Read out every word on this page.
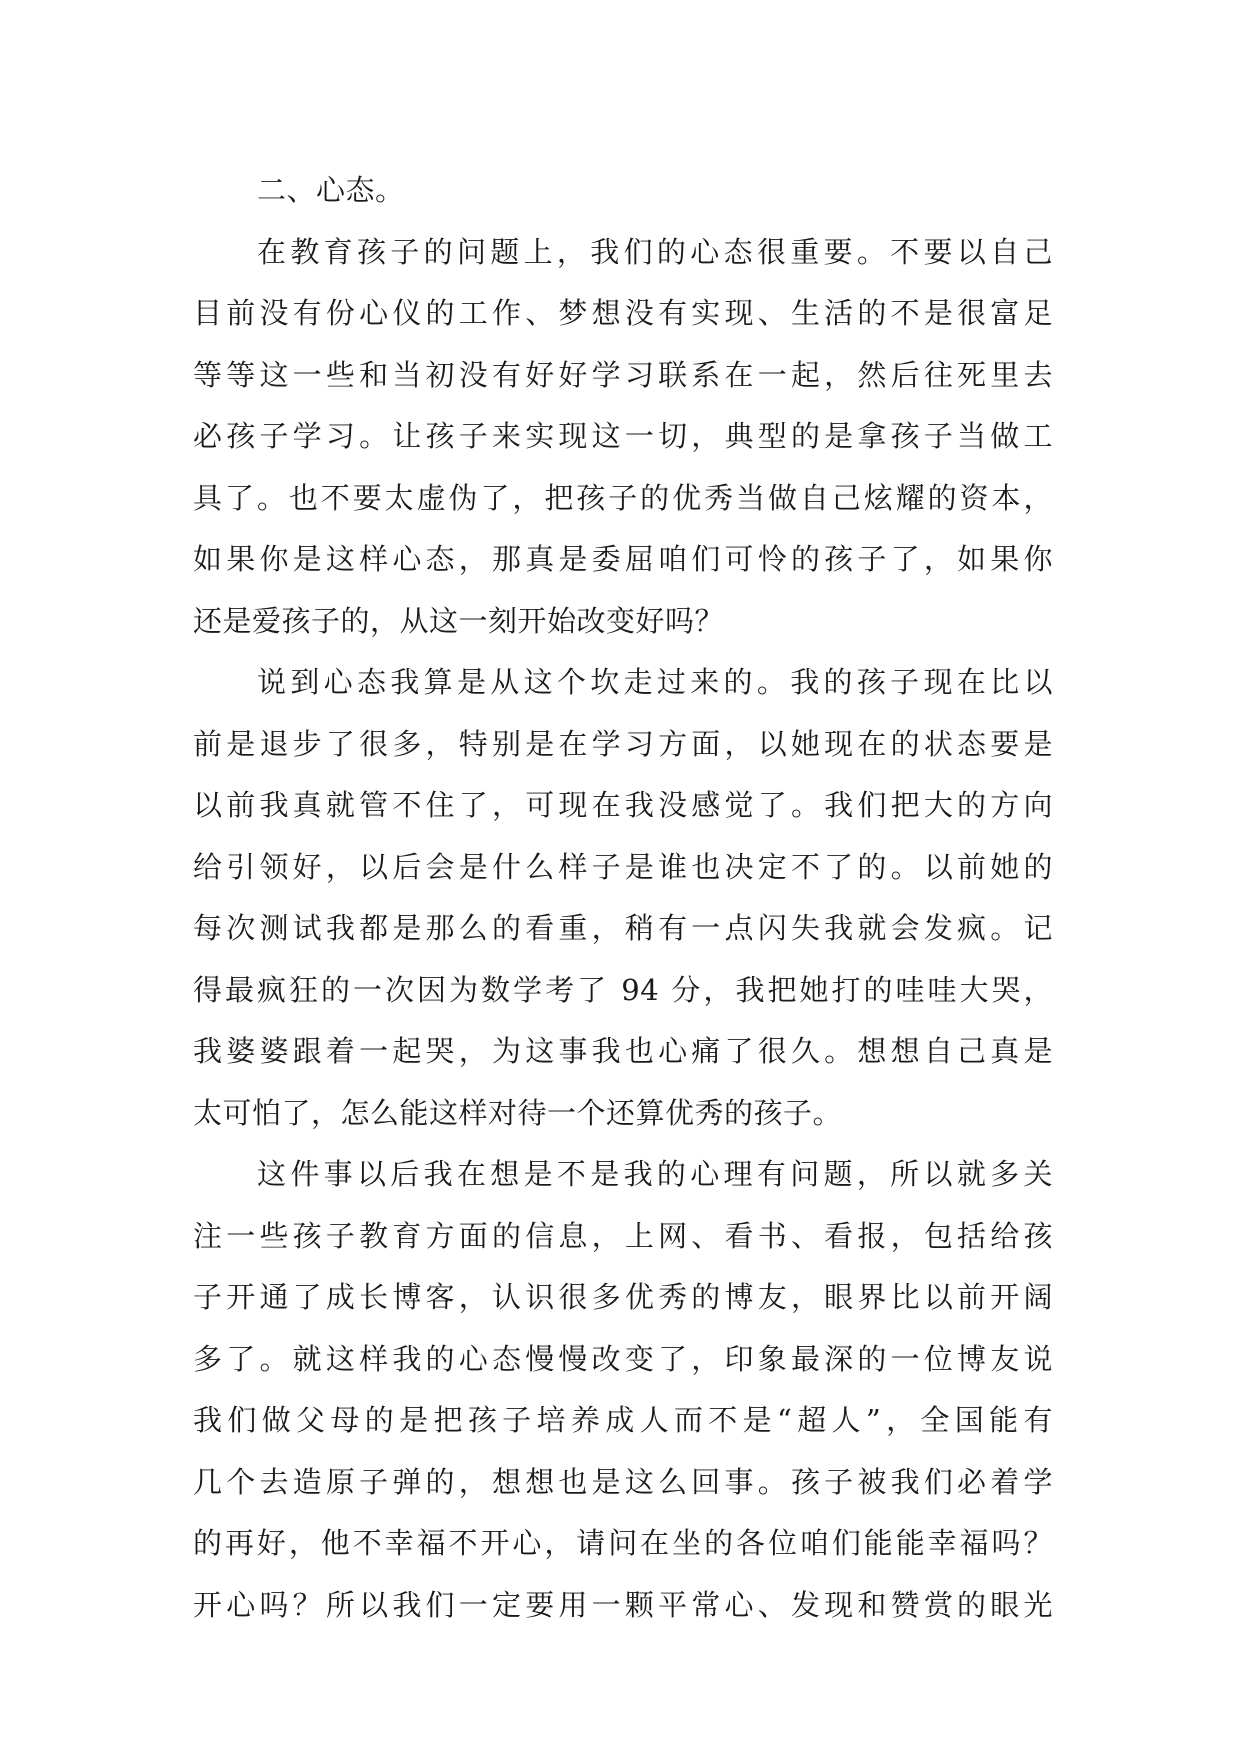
二、心态。
在教育孩子的问题上，我们的心态很重要。不要以自己
目前没有份心仪的工作、梦想没有实现、生活的不是很富足
等等这一些和当初没有好好学习联系在一起，然后往死里去
必孩子学习。让孩子来实现这一切，典型的是拿孩子当做工
具了。也不要太虚伪了，把孩子的优秀当做自己炫耀的资本，
如果你是这样心态，那真是委屈咱们可怜的孩子了，如果你
还是爱孩子的，从这一刻开始改变好吗？
说到心态我算是从这个坎走过来的。我的孩子现在比以
前是退步了很多，特别是在学习方面，以她现在的状态要是
以前我真就管不住了，可现在我没感觉了。我们把大的方向
给引领好，以后会是什么样子是谁也决定不了的。以前她的
每次测试我都是那么的看重，稍有一点闪失我就会发疯。记
得最疯狂的一次因为数学考了 94 分，我把她打的哇哇大哭，
我婆婆跟着一起哭，为这事我也心痛了很久。想想自己真是
太可怕了，怎么能这样对待一个还算优秀的孩子。
这件事以后我在想是不是我的心理有问题，所以就多关
注一些孩子教育方面的信息，上网、看书、看报，包括给孩
子开通了成长博客，认识很多优秀的博友，眼界比以前开阔
多了。就这样我的心态慢慢改变了，印象最深的一位博友说
我们做父母的是把孩子培养成人而不是“超人”，全国能有
几个去造原子弹的，想想也是这么回事。孩子被我们必着学
的再好，他不幸福不开心，请问在坐的各位咱们能能幸福吗？
开心吗？所以我们一定要用一颗平常心、发现和赞赏的眼光
